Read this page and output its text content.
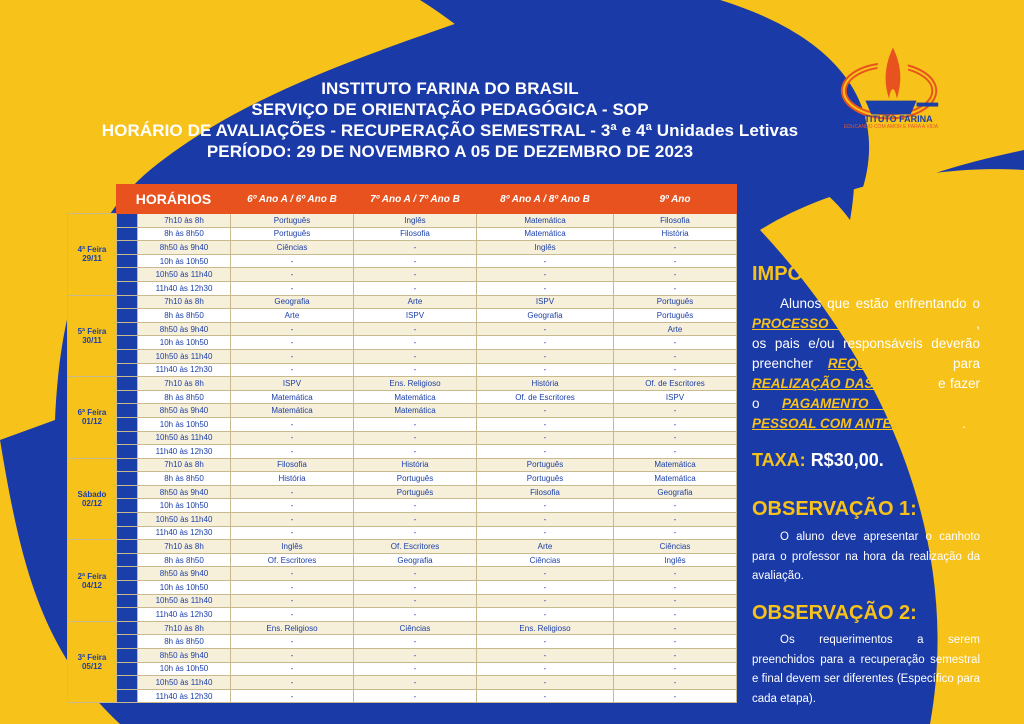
INSTITUTO FARINA DO BRASIL
SERVIÇO DE ORIENTAÇÃO PEDAGÓGICA - SOP
HORÁRIO DE AVALIAÇÕES - RECUPERAÇÃO SEMESTRAL - 3ª e 4ª Unidades Letivas
PERÍODO: 29 DE NOVEMBRO A 05 DE DEZEMBRO DE 2023
INSTITUTO FARINA
EDUCANDO COM AMOR E PARA A VIDA
	HORÁRIOS		6º Ano A / 6º Ano B	7º Ano A / 7º Ano B	8º Ano A / 8º Ano B	9º Ano

4ª Feira
29/11	1º	7h10 às 8h	Português	Inglês	Matemática	Filosofia
	2º	8h às 8h50	Português	Filosofia	Matemática	História
	3º	8h50 às 9h40	Ciências	-	Inglês	-
	4º	10h às 10h50	-	-	-	-
	5º	10h50 às 11h40	-	-	-	-
	6º	11h40 às 12h30	-	-	-	-

5ª Feira
30/11	1º	7h10 às 8h	Geografia	Arte	ISPV	Português
	2º	8h às 8h50	Arte	ISPV	Geografia	Português
	3º	8h50 às 9h40	-	-	-	Arte
	4º	10h às 10h50	-	-	-	-
	5º	10h50 às 11h40	-	-	-	-
	6º	11h40 às 12h30	-	-	-	-

6ª Feira
01/12	1º	7h10 às 8h	ISPV	Ens. Religioso	História	Of. de Escritores
	2º	8h às 8h50	Matemática	Matemática	Of. de Escritores	ISPV
	3º	8h50 às 9h40	Matemática	Matemática	-	-
	4º	10h às 10h50	-	-	-	-
	5º	10h50 às 11h40	-	-	-	-
	6º	11h40 às 12h30	-	-	-	-

Sábado
02/12	1º	7h10 às 8h	Filosofia	História	Português	Matemática
	2º	8h às 8h50	História	Português	Português	Matemática
	3º	8h50 às 9h40	-	Português	Filosofia	Geografia
	4º	10h às 10h50	-	-	-	-
	5º	10h50 às 11h40	-	-	-	-
	6º	11h40 às 12h30	-	-	-	-

2ª Feira
04/12	1º	7h10 às 8h	Inglês	Of. Escritores	Arte	Ciências
	2º	8h às 8h50	Of. Escritores	Geografia	Ciências	Inglês
	3º	8h50 às 9h40	-	-	-	-
	4º	10h às 10h50	-	-	-	-
	5º	10h50 às 11h40	-	-	-	-
	6º	11h40 às 12h30	-	-	-	-

3ª Feira
05/12	1º	7h10 às 8h	Ens. Religioso	Ciências	Ens. Religioso	-
	2º	8h às 8h50	-	-	-	-
	3º	8h50 às 9h40	-	-	-	-
	4º	10h às 10h50	-	-	-	-
	5º	10h50 às 11h40	-	-	-	-
	6º	11h40 às 12h30	-	-	-	-
IMPORTANTE:
Alunos que estão enfrentando o PROCESSO DE RECUPERAÇÃO, os pais e/ou responsáveis deverão preencher REQUERIMENTO para REALIZAÇÃO DAS PROVAS e fazer o PAGAMENTO NO SETOR PESSOAL COM ANTECEDÊNCIA.
TAXA: R$30,00.
OBSERVAÇÃO 1:
O aluno deve apresentar o canhoto para o professor na hora da realização da avaliação.
OBSERVAÇÃO 2:
Os requerimentos a serem preenchidos para a recuperação semestral e final devem ser diferentes (Específico para cada etapa).
